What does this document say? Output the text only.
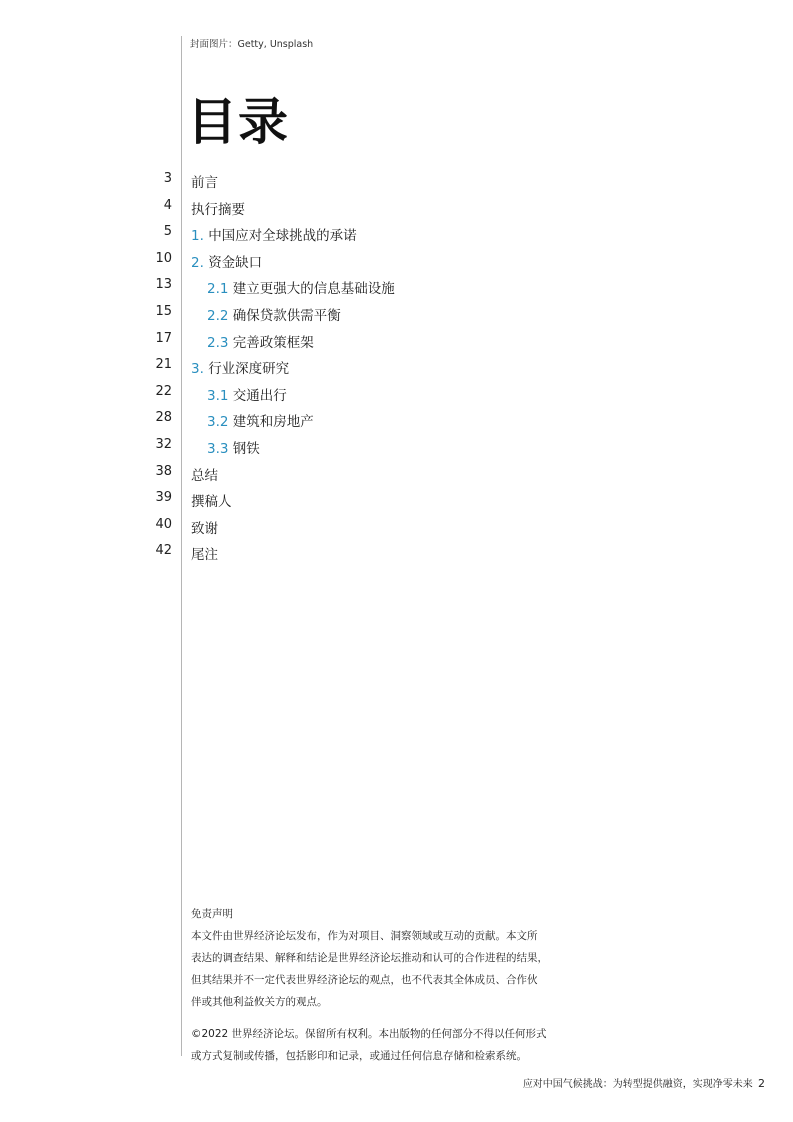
封面图片：Getty, Unsplash
目录
3 前言
4 执行摘要
5 1. 中国应对全球挑战的承诺
10 2. 资金缺口
13	2.1 建立更强大的信息基础设施
15	2.2 确保贷款供需平衡
17	2.3 完善政策框架
21 3. 行业深度研究
22	3.1 交通出行
28	3.2 建筑和房地产
32	3.3 钢铁
38 总结
39 撰稿人
40 致谢
42 尾注

免责声明

本文件由世界经济论坛发布，作为对项目、洞察领域或互动的贡献。本文所

表达的调查结果、解释和结论是世界经济论坛推动和认可的合作进程的结果，

但其结果并不一定代表世界经济论坛的观点，也不代表其全体成员、合作伙

伴或其他利益攸关方的观点。

©2022 世界经济论坛。保留所有权利。本出版物的任何部分不得以任何形式

或方式复制或传播，包括影印和记录，或通过任何信息存储和检索系统。

应对中国气候挑战：为转型提供融资，实现净零未来 2
